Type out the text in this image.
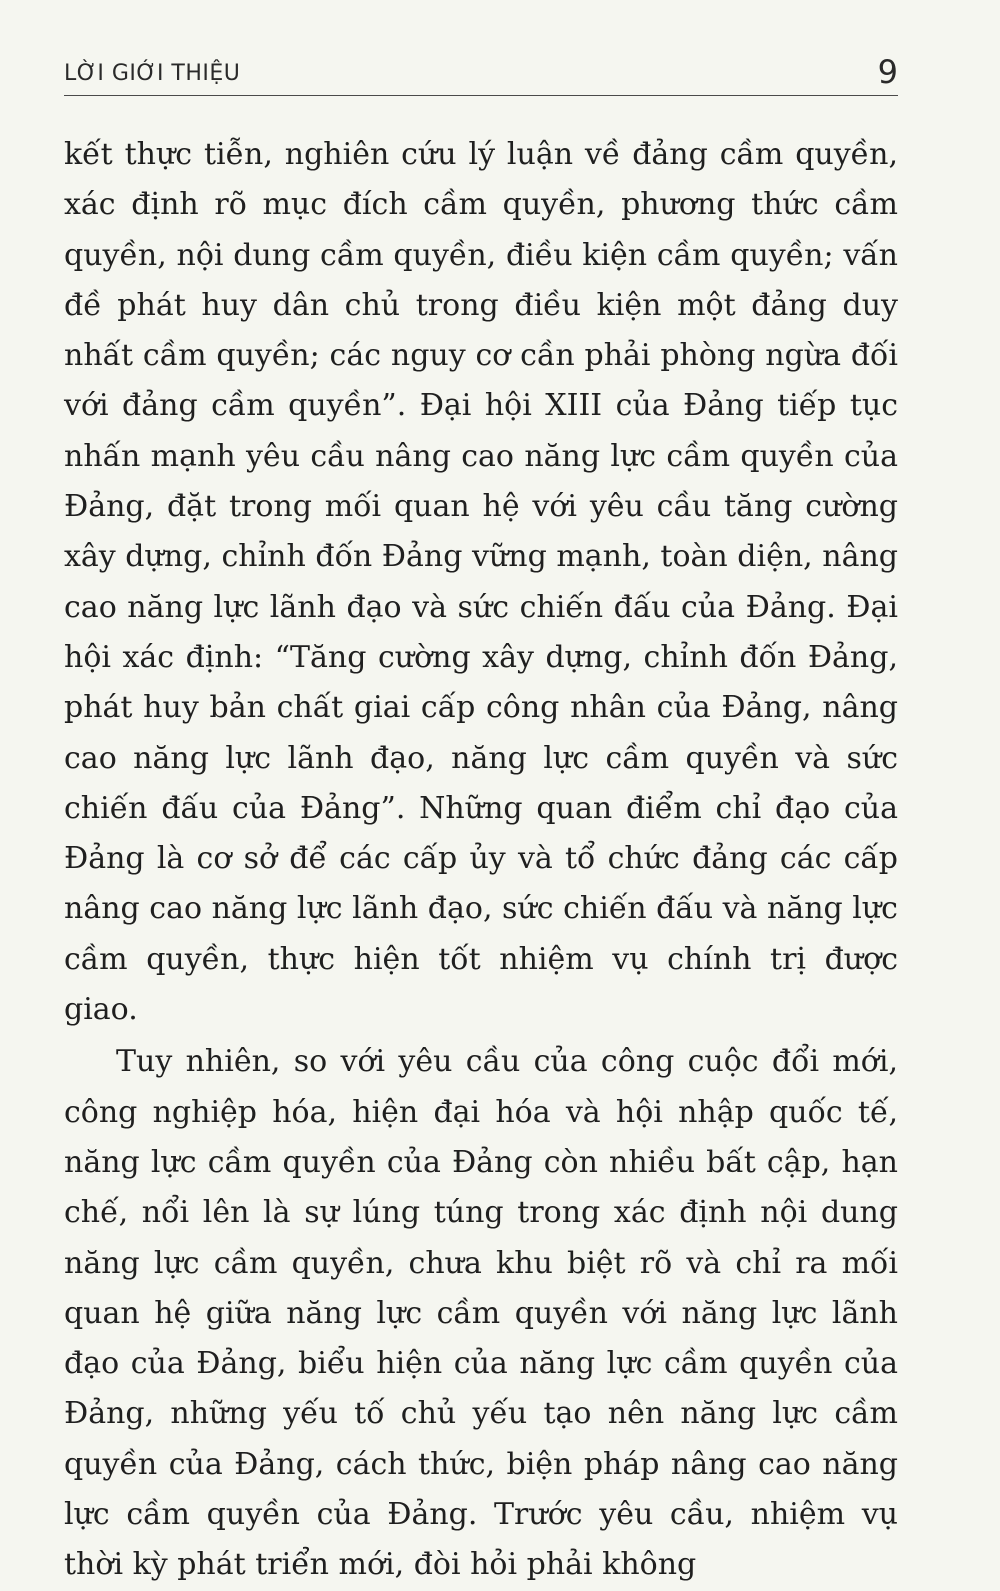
LỜI GIỚI THIỆU	9

kết thực tiễn, nghiên cứu lý luận về đảng cầm quyền, xác định rõ mục đích cầm quyền, phương thức cầm quyền, nội dung cầm quyền, điều kiện cầm quyền; vấn đề phát huy dân chủ trong điều kiện một đảng duy nhất cầm quyền; các nguy cơ cần phải phòng ngừa đối với đảng cầm quyền”. Đại hội XIII của Đảng tiếp tục nhấn mạnh yêu cầu nâng cao năng lực cầm quyền của Đảng, đặt trong mối quan hệ với yêu cầu tăng cường xây dựng, chỉnh đốn Đảng vững mạnh, toàn diện, nâng cao năng lực lãnh đạo và sức chiến đấu của Đảng. Đại hội xác định: “Tăng cường xây dựng, chỉnh đốn Đảng, phát huy bản chất giai cấp công nhân của Đảng, nâng cao năng lực lãnh đạo, năng lực cầm quyền và sức chiến đấu của Đảng”. Những quan điểm chỉ đạo của Đảng là cơ sở để các cấp ủy và tổ chức đảng các cấp nâng cao năng lực lãnh đạo, sức chiến đấu và năng lực cầm quyền, thực hiện tốt nhiệm vụ chính trị được giao.

Tuy nhiên, so với yêu cầu của công cuộc đổi mới, công nghiệp hóa, hiện đại hóa và hội nhập quốc tế, năng lực cầm quyền của Đảng còn nhiều bất cập, hạn chế, nổi lên là sự lúng túng trong xác định nội dung năng lực cầm quyền, chưa khu biệt rõ và chỉ ra mối quan hệ giữa năng lực cầm quyền với năng lực lãnh đạo của Đảng, biểu hiện của năng lực cầm quyền của Đảng, những yếu tố chủ yếu tạo nên năng lực cầm quyền của Đảng, cách thức, biện pháp nâng cao năng lực cầm quyền của Đảng. Trước yêu cầu, nhiệm vụ thời kỳ phát triển mới, đòi hỏi phải không
